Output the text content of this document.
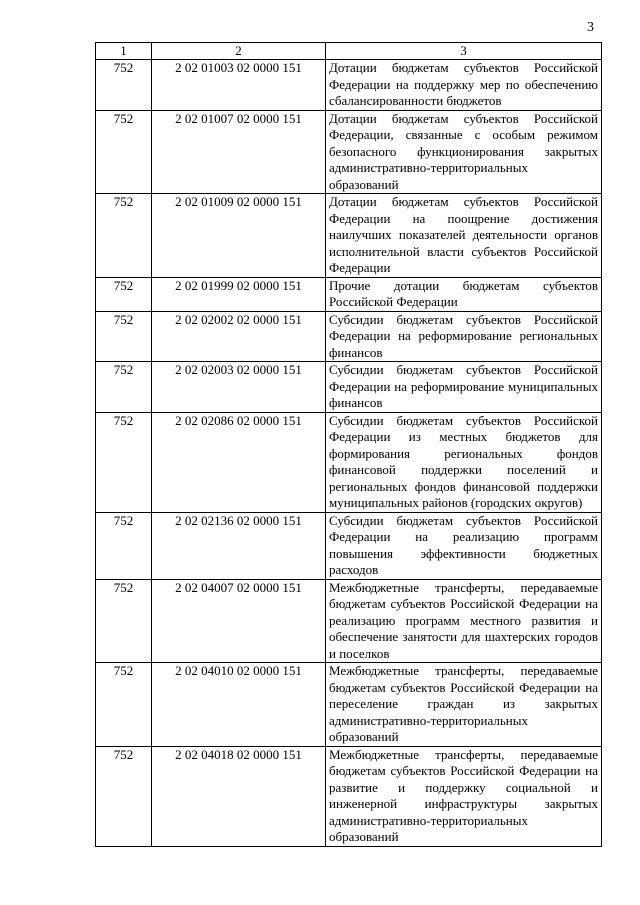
3
1	2	3
752	2 02 01003 02 0000 151	Дотации бюджетам субъектов Российской Федерации на поддержку мер по обеспечению сбалансированности бюджетов
752	2 02 01007 02 0000 151	Дотации бюджетам субъектов Российской Федерации, связанные с особым режимом безопасного функционирования закрытых административно-территориальных образований
752	2 02 01009 02 0000 151	Дотации бюджетам субъектов Российской Федерации на поощрение достижения наилучших показателей деятельности органов исполнительной власти субъектов Российской Федерации
752	2 02 01999 02 0000 151	Прочие дотации бюджетам субъектов Российской Федерации
752	2 02 02002 02 0000 151	Субсидии бюджетам субъектов Российской Федерации на реформирование региональных финансов
752	2 02 02003 02 0000 151	Субсидии бюджетам субъектов Российской Федерации на реформирование муниципальных финансов
752	2 02 02086 02 0000 151	Субсидии бюджетам субъектов Российской Федерации из местных бюджетов для формирования региональных фондов финансовой поддержки поселений и региональных фондов финансовой поддержки муниципальных районов (городских округов)
752	2 02 02136 02 0000 151	Субсидии бюджетам субъектов Российской Федерации на реализацию программ повышения эффективности бюджетных расходов
752	2 02 04007 02 0000 151	Межбюджетные трансферты, передаваемые бюджетам субъектов Российской Федерации на реализацию программ местного развития и обеспечение занятости для шахтерских городов и поселков
752	2 02 04010 02 0000 151	Межбюджетные трансферты, передаваемые бюджетам субъектов Российской Федерации на переселение граждан из закрытых административно-территориальных образований
752	2 02 04018 02 0000 151	Межбюджетные трансферты, передаваемые бюджетам субъектов Российской Федерации на развитие и поддержку социальной и инженерной инфраструктуры закрытых административно-территориальных образований
